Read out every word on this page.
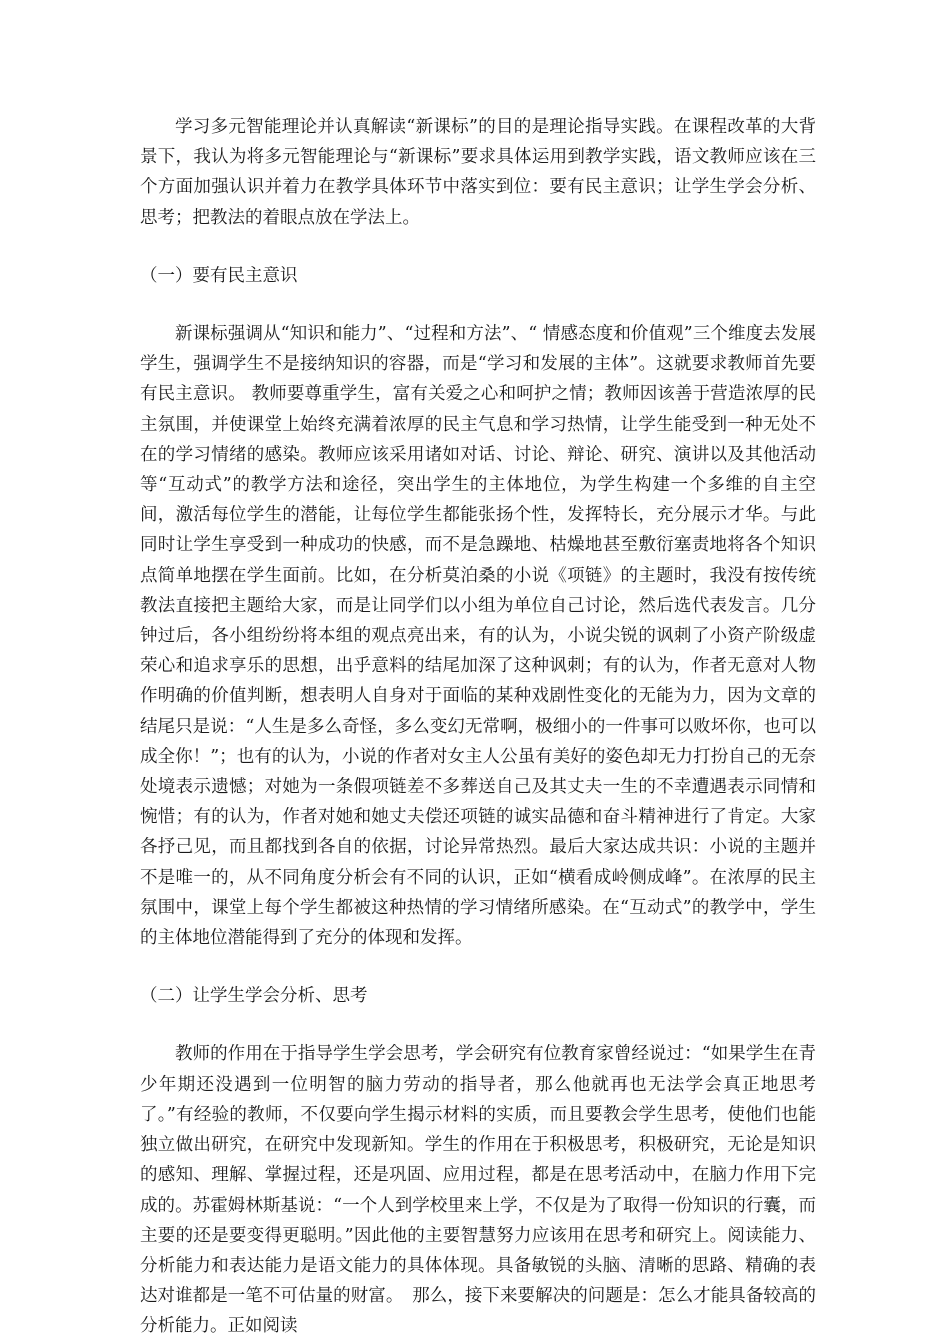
学习多元智能理论并认真解读“新课标”的目的是理论指导实践。在课程改革的大背景下，我认为将多元智能理论与“新课标”要求具体运用到教学实践，语文教师应该在三个方面加强认识并着力在教学具体环节中落实到位：要有民主意识；让学生学会分析、思考；把教法的着眼点放在学法上。

（一）要有民主意识

新课标强调从“知识和能力”、“过程和方法”、“ 情感态度和价值观”三个维度去发展学生，强调学生不是接纳知识的容器，而是“学习和发展的主体”。这就要求教师首先要有民主意识。 教师要尊重学生，富有关爱之心和呵护之情；教师因该善于营造浓厚的民主氛围，并使课堂上始终充满着浓厚的民主气息和学习热情，让学生能受到一种无处不在的学习情绪的感染。教师应该采用诸如对话、讨论、辩论、研究、演讲以及其他活动等“互动式”的教学方法和途径，突出学生的主体地位，为学生构建一个多维的自主空间，激活每位学生的潜能，让每位学生都能张扬个性，发挥特长，充分展示才华。与此同时让学生享受到一种成功的快感，而不是急躁地、枯燥地甚至敷衍塞责地将各个知识点简单地摆在学生面前。比如，在分析莫泊桑的小说《项链》的主题时，我没有按传统教法直接把主题给大家，而是让同学们以小组为单位自己讨论，然后选代表发言。几分钟过后，各小组纷纷将本组的观点亮出来，有的认为，小说尖锐的讽刺了小资产阶级虚荣心和追求享乐的思想，出乎意料的结尾加深了这种讽刺；有的认为，作者无意对人物作明确的价值判断，想表明人自身对于面临的某种戏剧性变化的无能为力，因为文章的结尾只是说：“人生是多么奇怪，多么变幻无常啊，极细小的一件事可以败坏你，也可以成全你！”；也有的认为，小说的作者对女主人公虽有美好的姿色却无力打扮自己的无奈处境表示遗憾；对她为一条假项链差不多葬送自己及其丈夫一生的不幸遭遇表示同情和惋惜；有的认为，作者对她和她丈夫偿还项链的诚实品德和奋斗精神进行了肯定。大家各抒己见，而且都找到各自的依据，讨论异常热烈。最后大家达成共识：小说的主题并不是唯一的，从不同角度分析会有不同的认识，正如“横看成岭侧成峰”。在浓厚的民主氛围中，课堂上每个学生都被这种热情的学习情绪所感染。在“互动式”的教学中，学生的主体地位潜能得到了充分的体现和发挥。

（二）让学生学会分析、思考

教师的作用在于指导学生学会思考，学会研究有位教育家曾经说过：“如果学生在青少年期还没遇到一位明智的脑力劳动的指导者，那么他就再也无法学会真正地思考了。”有经验的教师，不仅要向学生揭示材料的实质，而且要教会学生思考，使他们也能独立做出研究，在研究中发现新知。学生的作用在于积极思考，积极研究，无论是知识的感知、理解、掌握过程，还是巩固、应用过程，都是在思考活动中，在脑力作用下完成的。苏霍姆林斯基说：“一个人到学校里来上学，不仅是为了取得一份知识的行囊，而主要的还是要变得更聪明。”因此他的主要智慧努力应该用在思考和研究上。阅读能力、分析能力和表达能力是语文能力的具体体现。具备敏锐的头脑、清晰的思路、精确的表达对谁都是一笔不可估量的财富。　那么，接下来要解决的问题是：怎么才能具备较高的分析能力。正如阅读
